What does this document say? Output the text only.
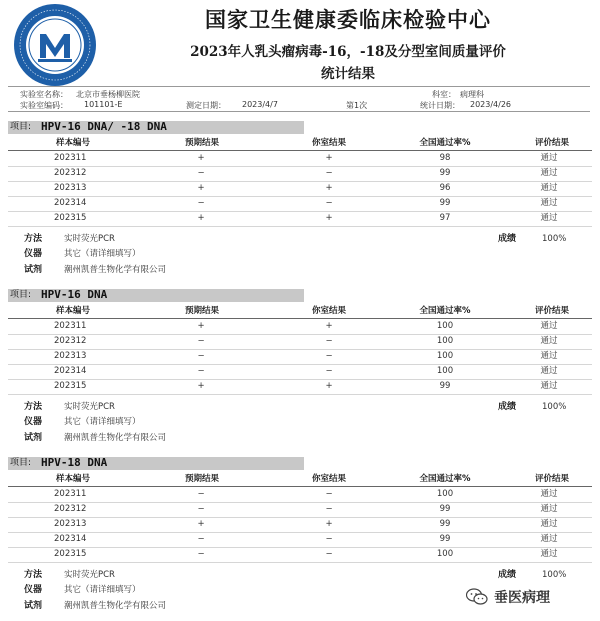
国家卫生健康委临床检验中心
2023年人乳头瘤病毒-16，-18及分型室间质量评价
统计结果
实验室名称： 北京市垂杨柳医院	科室： 病理科
实验室编码： 101101-E	测定日期： 2023/4/7	第1次	统计日期： 2023/4/26
项目: HPV-16 DNA/ -18 DNA
样本编号	预期结果	你室结果	全国通过率%	评价结果
202311	+	+	98	通过
202312	−	−	99	通过
202313	+	+	96	通过
202314	−	−	99	通过
202315	+	+	97	通过
方法	实时荧光PCR	成绩	100%
仪器	其它（请详细填写）
试剂	潮州凯普生物化学有限公司
项目: HPV-16 DNA
样本编号	预期结果	你室结果	全国通过率%	评价结果
202311	+	+	100	通过
202312	−	−	100	通过
202313	−	−	100	通过
202314	−	−	100	通过
202315	+	+	99	通过
方法	实时荧光PCR	成绩	100%
仪器	其它（请详细填写）
试剂	潮州凯普生物化学有限公司
项目: HPV-18 DNA
样本编号	预期结果	你室结果	全国通过率%	评价结果
202311	−	−	100	通过
202312	−	−	99	通过
202313	+	+	99	通过
202314	−	−	99	通过
202315	−	−	100	通过
方法	实时荧光PCR	成绩	100%
仪器	其它（请详细填写）
试剂	潮州凯普生物化学有限公司	垂医病理
